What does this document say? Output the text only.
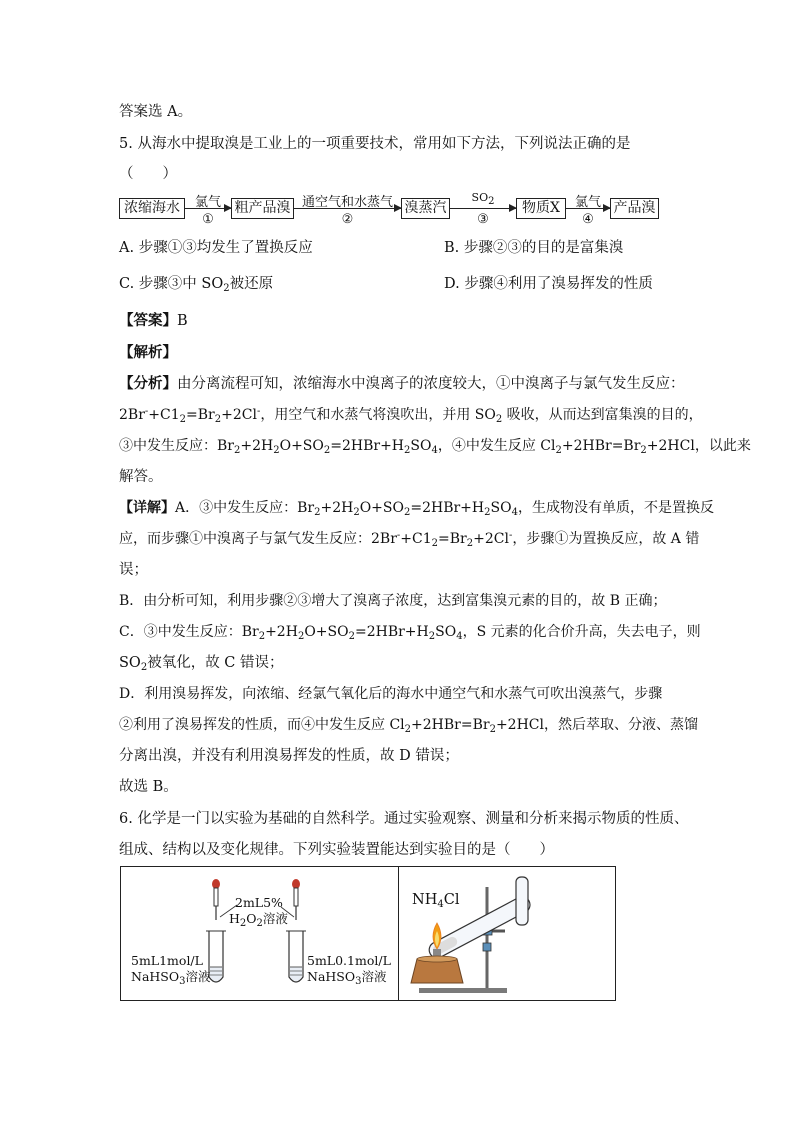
答案选 A。
5. 从海水中提取溴是工业上的一项重要技术，常用如下方法，下列说法正确的是
（　　）
浓缩海水	氯气
①
粗产品溴 通空气和水蒸气
②
溴蒸汽
$SO_2$
③
物质X	氯气
④
产品溴
A. 步骤①③均发生了置换反应	B. 步骤②③的目的是富集溴
C. 步骤③中 $SO_2$被还原	D. 步骤④利用了溴易挥发的性质
【答案】B
【解析】
【分析】由分离流程可知，浓缩海水中溴离子的浓度较大，①中溴离子与氯气发生反应：
$2Br^-+C1_2=Br_2+2Cl^-$，用空气和水蒸气将溴吹出，并用 $SO_2$ 吸收，从而达到富集溴的目的，
③中发生反应：$Br_2+2H_2O+SO_2=2HBr+H_2SO_4$，④中发生反应 $Cl_2+2HBr=Br_2+2HCl$，以此来
解答。
【详解】A．③中发生反应：$Br_2+2H_2O+SO_2=2HBr+H_2SO_4$，生成物没有单质，不是置换反
应，而步骤①中溴离子与氯气发生反应：$2Br^-+C1_2=Br_2+2Cl^-$，步骤①为置换反应，故 A 错
误；
B．由分析可知，利用步骤②③增大了溴离子浓度，达到富集溴元素的目的，故 B 正确；
C．③中发生反应：$Br_2+2H_2O+SO_2=2HBr+H_2SO_4$，S 元素的化合价升高，失去电子，则
$SO_2$被氧化，故 C 错误；
D．利用溴易挥发，向浓缩、经氯气氧化后的海水中通空气和水蒸气可吹出溴蒸气，步骤
②利用了溴易挥发的性质，而④中发生反应 $Cl_2+2HBr=Br_2+2HCl$，然后萃取、分液、蒸馏
分离出溴，并没有利用溴易挥发的性质，故 D 错误；
故选 B。
6. 化学是一门以实验为基础的自然科学。通过实验观察、测量和分析来揭示物质的性质、
组成、结构以及变化规律。下列实验装置能达到实验目的是（　　）
2mL5%
$H_2O_2$溶液
5mL1mol/L
NaHSO$_3$溶液
5mL0.1mol/L
NaHSO$_3$溶液
$NH_4Cl$
